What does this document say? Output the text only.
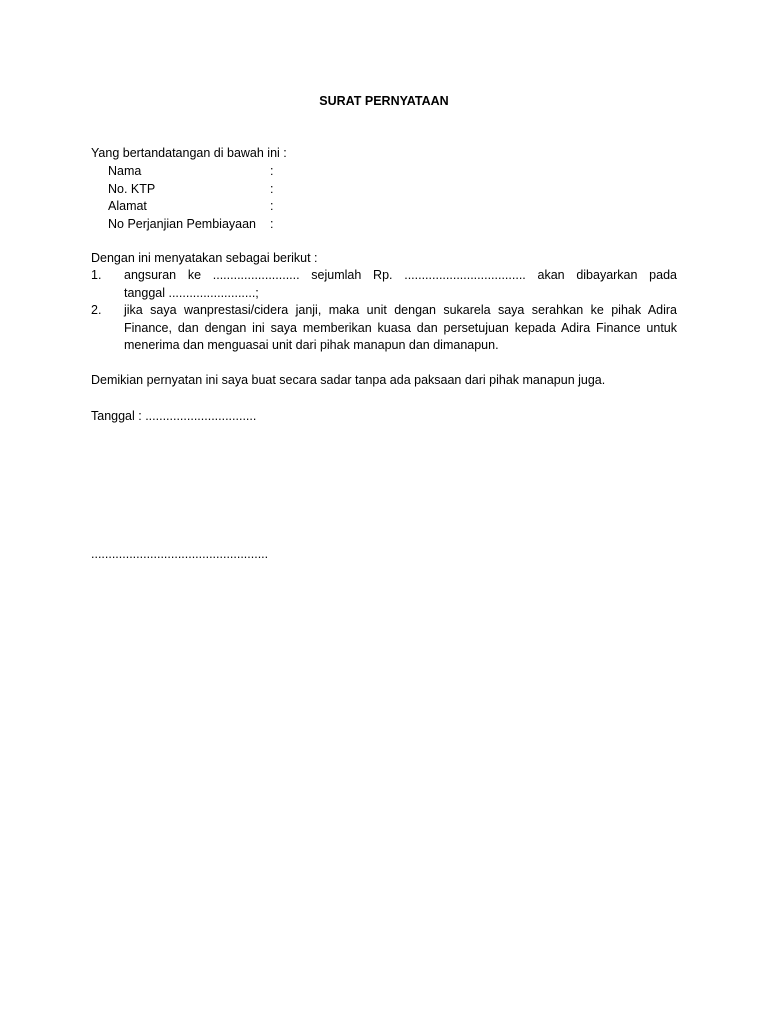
SURAT PERNYATAAN
Yang bertandatangan di bawah ini :
Nama	:
No. KTP	:
Alamat	:
No Perjanjian Pembiayaan	:
Dengan ini menyatakan sebagai berikut :
1.	angsuran ke ......................... sejumlah Rp. ................................... akan dibayarkan pada
tanggal .........................;
2.	jika saya wanprestasi/cidera janji, maka unit dengan sukarela saya serahkan ke pihak Adira
Finance, dan dengan ini saya memberikan kuasa dan persetujuan kepada Adira Finance untuk
menerima dan menguasai unit dari pihak manapun dan dimanapun.
Demikian pernyatan ini saya buat secara sadar tanpa ada paksaan dari pihak manapun juga.
Tanggal : ................................
...................................................
